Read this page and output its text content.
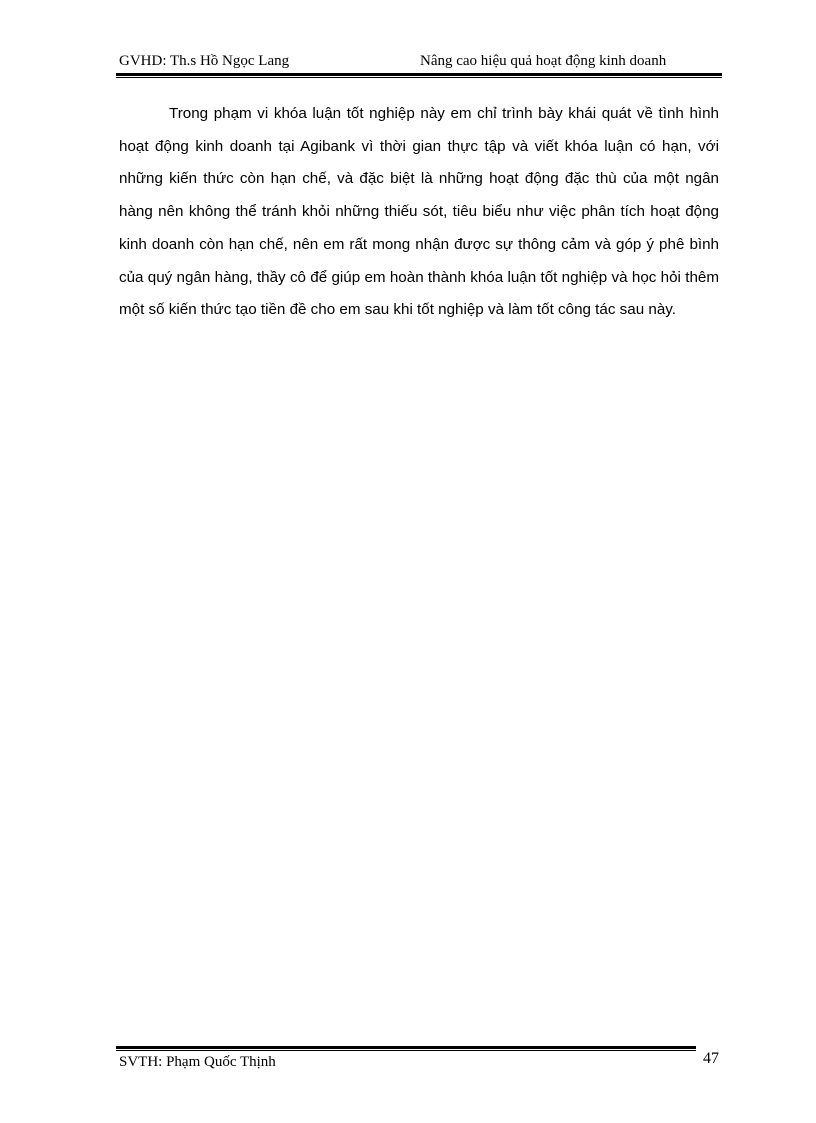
GVHD: Th.s Hồ Ngọc Lang	Nâng cao hiệu quả hoạt động kinh doanh

Trong phạm vi khóa luận tốt nghiệp này em chỉ trình bày khái quát về tình hình hoạt động kinh doanh tại Agibank vì thời gian thực tập và viết khóa luận có hạn, với những kiến thức còn hạn chế, và đặc biệt là những hoạt động đặc thù của một ngân hàng nên không thể tránh khỏi những thiếu sót, tiêu biểu như việc phân tích hoạt động kinh doanh còn hạn chế, nên em rất mong nhận được sự thông cảm và góp ý phê bình của quý ngân hàng, thầy cô để giúp em hoàn thành khóa luận tốt nghiệp và học hỏi thêm một số kiến thức tạo tiền đề cho em sau khi tốt nghiệp và làm tốt công tác sau này.

SVTH: Phạm Quốc Thịnh	47
